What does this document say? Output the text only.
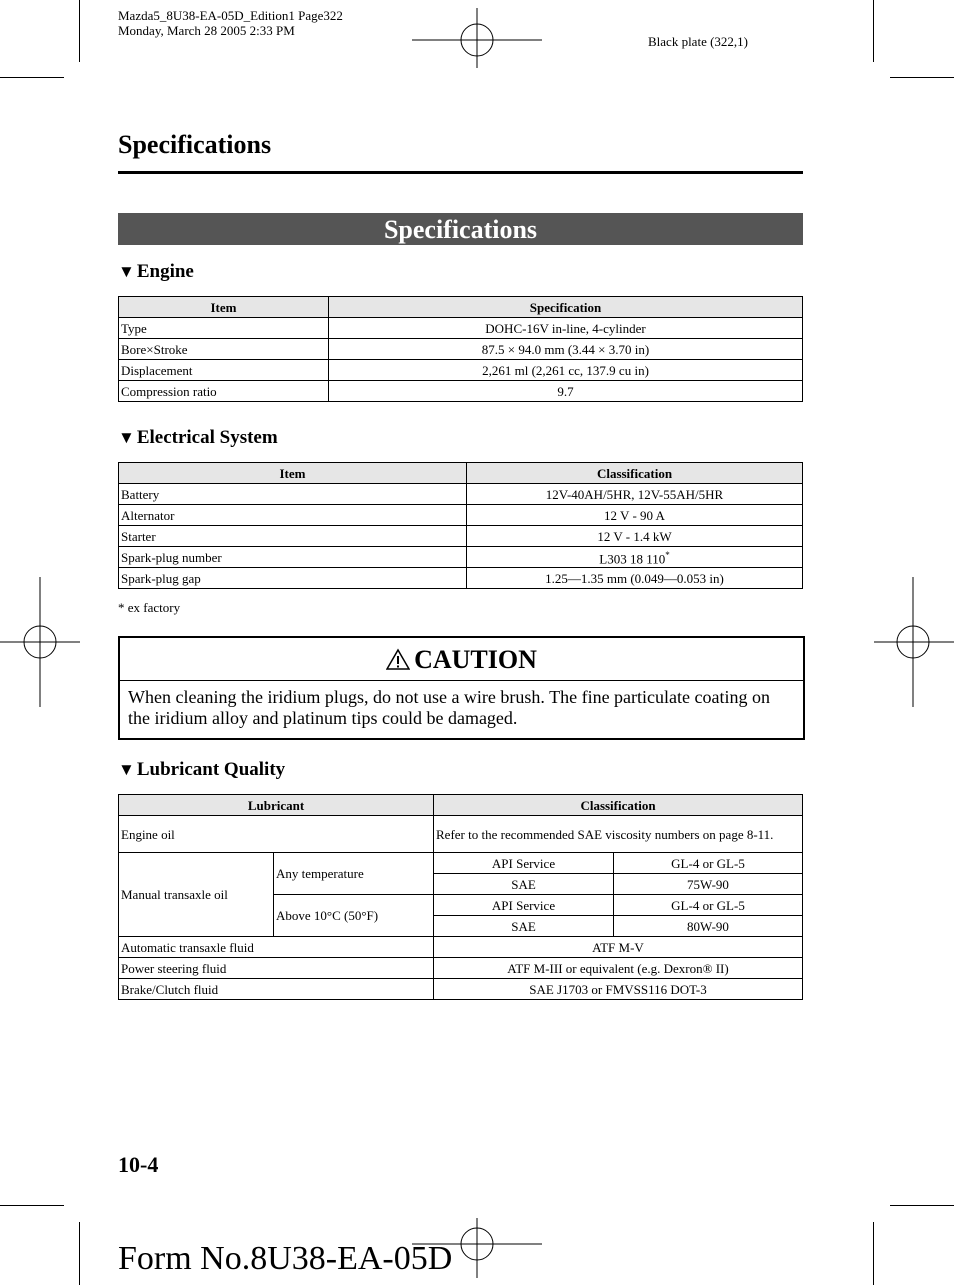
Mazda5_8U38-EA-05D_Edition1 Page322
Monday, March 28 2005 2:33 PM
Black plate (322,1)
Specifications
Specifications
▼ Engine
Item	Specification
Type	DOHC-16V in-line, 4-cylinder
Bore×Stroke	87.5 × 94.0 mm (3.44 × 3.70 in)
Displacement	2,261 ml (2,261 cc, 137.9 cu in)
Compression ratio	9.7
▼ Electrical System
Item	Classification
Battery	12V-40AH/5HR, 12V-55AH/5HR
Alternator	12 V - 90 A
Starter	12 V - 1.4 kW
Spark-plug number	L303 18 110*
Spark-plug gap	1.25―1.35 mm (0.049―0.053 in)
* ex factory
CAUTION
When cleaning the iridium plugs, do not use a wire brush. The fine particulate coating on the iridium alloy and platinum tips could be damaged.
▼ Lubricant Quality
Lubricant		Classification	
Engine oil		Refer to the recommended SAE viscosity numbers on page 8-11.	
Manual transaxle oil	Any temperature	API Service	GL-4 or GL-5
		SAE	75W-90
	Above 10°C (50°F)	API Service	GL-4 or GL-5
		SAE	80W-90
Automatic transaxle fluid		ATF M-V	
Power steering fluid		ATF M-III or equivalent (e.g. Dexron® II)	
Brake/Clutch fluid		SAE J1703 or FMVSS116 DOT-3	
10-4
Form No.8U38-EA-05D
